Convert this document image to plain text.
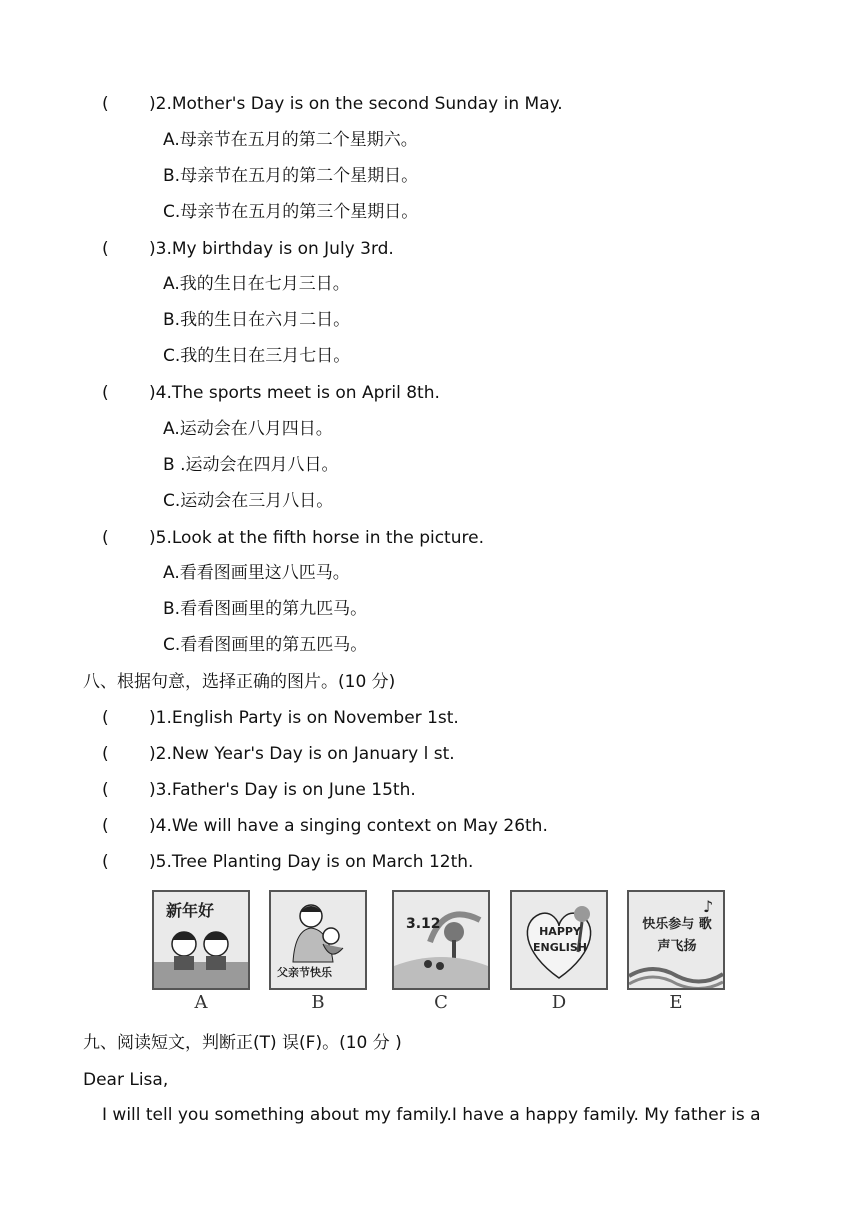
( )2.Mother's Day is on the second Sunday in May.
A.母亲节在五月的第二个星期六。
B.母亲节在五月的第二个星期日。
C.母亲节在五月的第三个星期日。
( )3.My birthday is on July 3rd.
A.我的生日在七月三日。
B.我的生日在六月二日。
C.我的生日在三月七日。
( )4.The sports meet is on April 8th.
A.运动会在八月四日。
B .运动会在四月八日。
C.运动会在三月八日。
( )5.Look at the fifth horse in the picture.
A.看看图画里这八匹马。
B.看看图画里的第九匹马。
C.看看图画里的第五匹马。
八、根据句意，选择正确的图片。(10 分)
( )1.English Party is on November 1st.
( )2.New Year's Day is on January l st.
( )3.Father's Day is on June 15th.
( )4.We will have a singing context on May 26th.
( )5.Tree Planting Day is on March 12th.
新年好
A
父亲节快乐
B
3.12
C
HAPPY ENGLISH
D
♪
快乐参与 歌声飞扬
E
九、阅读短文，判断正(T) 误(F)。(10 分 )
Dear Lisa,
I will tell you something about my family.I have a happy family. My father is a
